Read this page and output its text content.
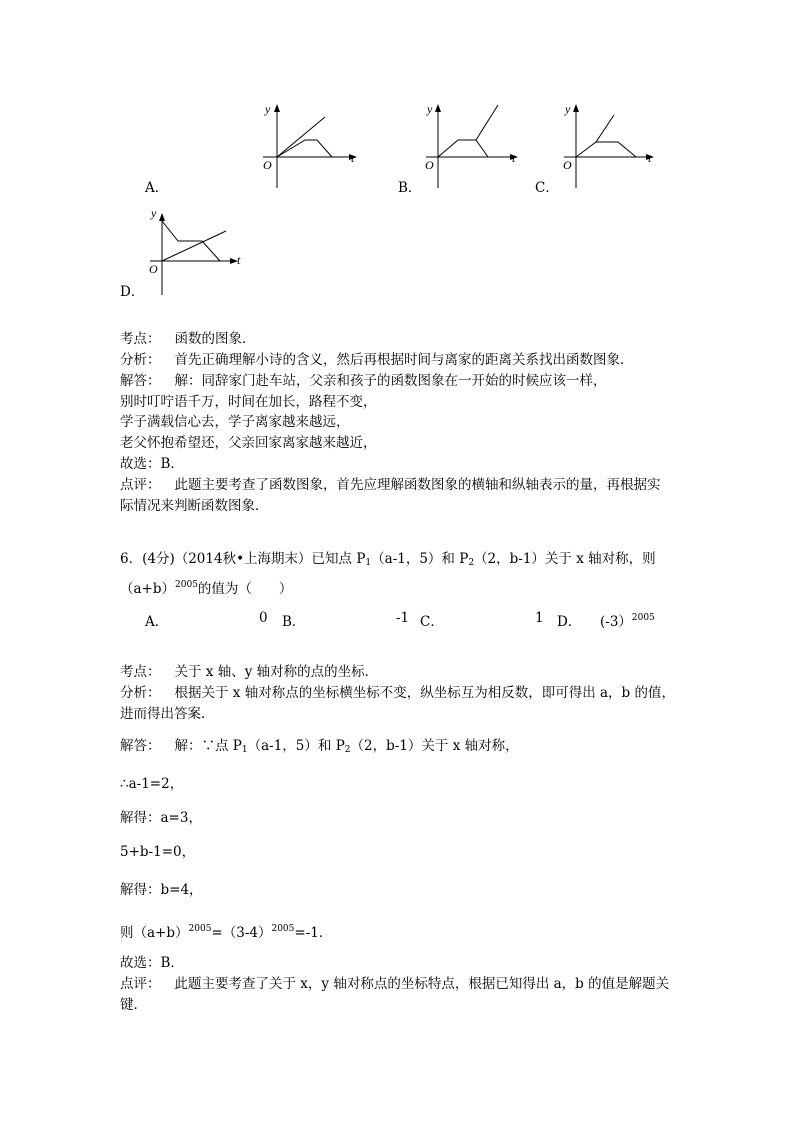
y
t
O
A．
y
t
O
B．
y
t
O
C．
y
t
O
D．
考点： 函数的图象．
分析： 首先正确理解小诗的含义，然后再根据时间与离家的距离关系找出函数图象．
解答： 解：同辞家门赴车站，父亲和孩子的函数图象在一开始的时候应该一样，
别时叮咛语千万，时间在加长，路程不变，
学子满载信心去，学子离家越来越远，
老父怀抱希望还，父亲回家离家越来越近，
故选：B．
点评： 此题主要考查了函数图象，首先应理解函数图象的横轴和纵轴表示的量，再根据实
际情况来判断函数图象．
6．(4分)（2014秋•上海期末）已知点 $P_1(a-1$，5）和 $P_2(2$，b-1）关于 x 轴对称，则
$(a+b)^{2005}$的值为（　　）
A．	0 B．	-1 C．	1 D． (-3）$^{2005}$
考点： 关于 x 轴、y 轴对称的点的坐标．
分析： 根据关于 x 轴对称点的坐标横坐标不变，纵坐标互为相反数，即可得出 a，b 的值，
进而得出答案．
解答： 解：∵点 $P_1(a-1$，5）和 $P_2(2$，b-1）关于 x 轴对称，
∴a-1=2，
解得：a=3，
5+b-1=0，
解得：b=4，
则$(a+b)^{2005}=(3-4)^{2005}=-1$．
故选：B．
点评： 此题主要考查了关于 x，y 轴对称点的坐标特点，根据已知得出 a，b 的值是解题关
键．
